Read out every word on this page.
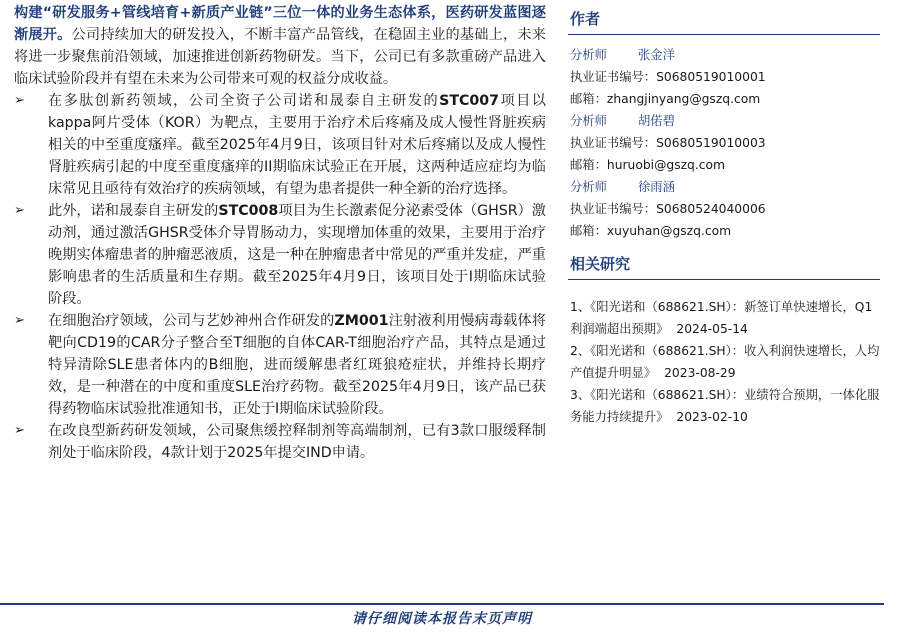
构建“研发服务+管线培育+新质产业链”三位一体的业务生态体系，医药研发蓝图逐渐展开。公司持续加大的研发投入，不断丰富产品管线，在稳固主业的基础上，未来将进一步聚焦前沿领域，加速推进创新药物研发。当下，公司已有多款重磅产品进入临床试验阶段并有望在未来为公司带来可观的权益分成收益。

➢	在多肽创新药领域，公司全资子公司诺和晟泰自主研发的STC007项目以kappa阿片受体（KOR）为靶点，主要用于治疗术后疼痛及成人慢性肾脏疾病相关的中至重度瘙痒。截至2025年4月9日，该项目针对术后疼痛以及成人慢性肾脏疾病引起的中度至重度瘙痒的II期临床试验正在开展，这两种适应症均为临床常见且亟待有效治疗的疾病领域，有望为患者提供一种全新的治疗选择。

➢	此外，诺和晟泰自主研发的STC008项目为生长激素促分泌素受体（GHSR）激动剂，通过激活GHSR受体介导胃肠动力，实现增加体重的效果，主要用于治疗晚期实体瘤患者的肿瘤恶液质，这是一种在肿瘤患者中常见的严重并发症，严重影响患者的生活质量和生存期。截至2025年4月9日，该项目处于I期临床试验阶段。

➢	在细胞治疗领域，公司与艺妙神州合作研发的ZM001注射液利用慢病毒载体将靶向CD19的CAR分子整合至T细胞的自体CAR-T细胞治疗产品，其特点是通过特异清除SLE患者体内的B细胞，进而缓解患者红斑狼疮症状，并维持长期疗效，是一种潜在的中度和重度SLE治疗药物。截至2025年4月9日，该产品已获得药物临床试验批准通知书，正处于I期临床试验阶段。

➢	在改良型新药研发领域，公司聚焦缓控释制剂等高端制剂，已有3款口服缓释制剂处于临床阶段，4款计划于2025年提交IND申请。

作者
分析师	张金洋
执业证书编号：S0680519010001
邮箱：zhangjinyang@gszq.com
分析师	胡偌碧
执业证书编号：S0680519010003
邮箱：huruobi@gszq.com
分析师	徐雨涵
执业证书编号：S0680524040006
邮箱：xuyuhan@gszq.com
相关研究
1、《阳光诺和（688621.SH）：新签订单快速增长，Q1利润端超出预期》 2024-05-14
2、《阳光诺和（688621.SH）：收入利润快速增长，人均产值提升明显》 2023-08-29
3、《阳光诺和（688621.SH）：业绩符合预期，一体化服务能力持续提升》 2023-02-10
请仔细阅读本报告末页声明
